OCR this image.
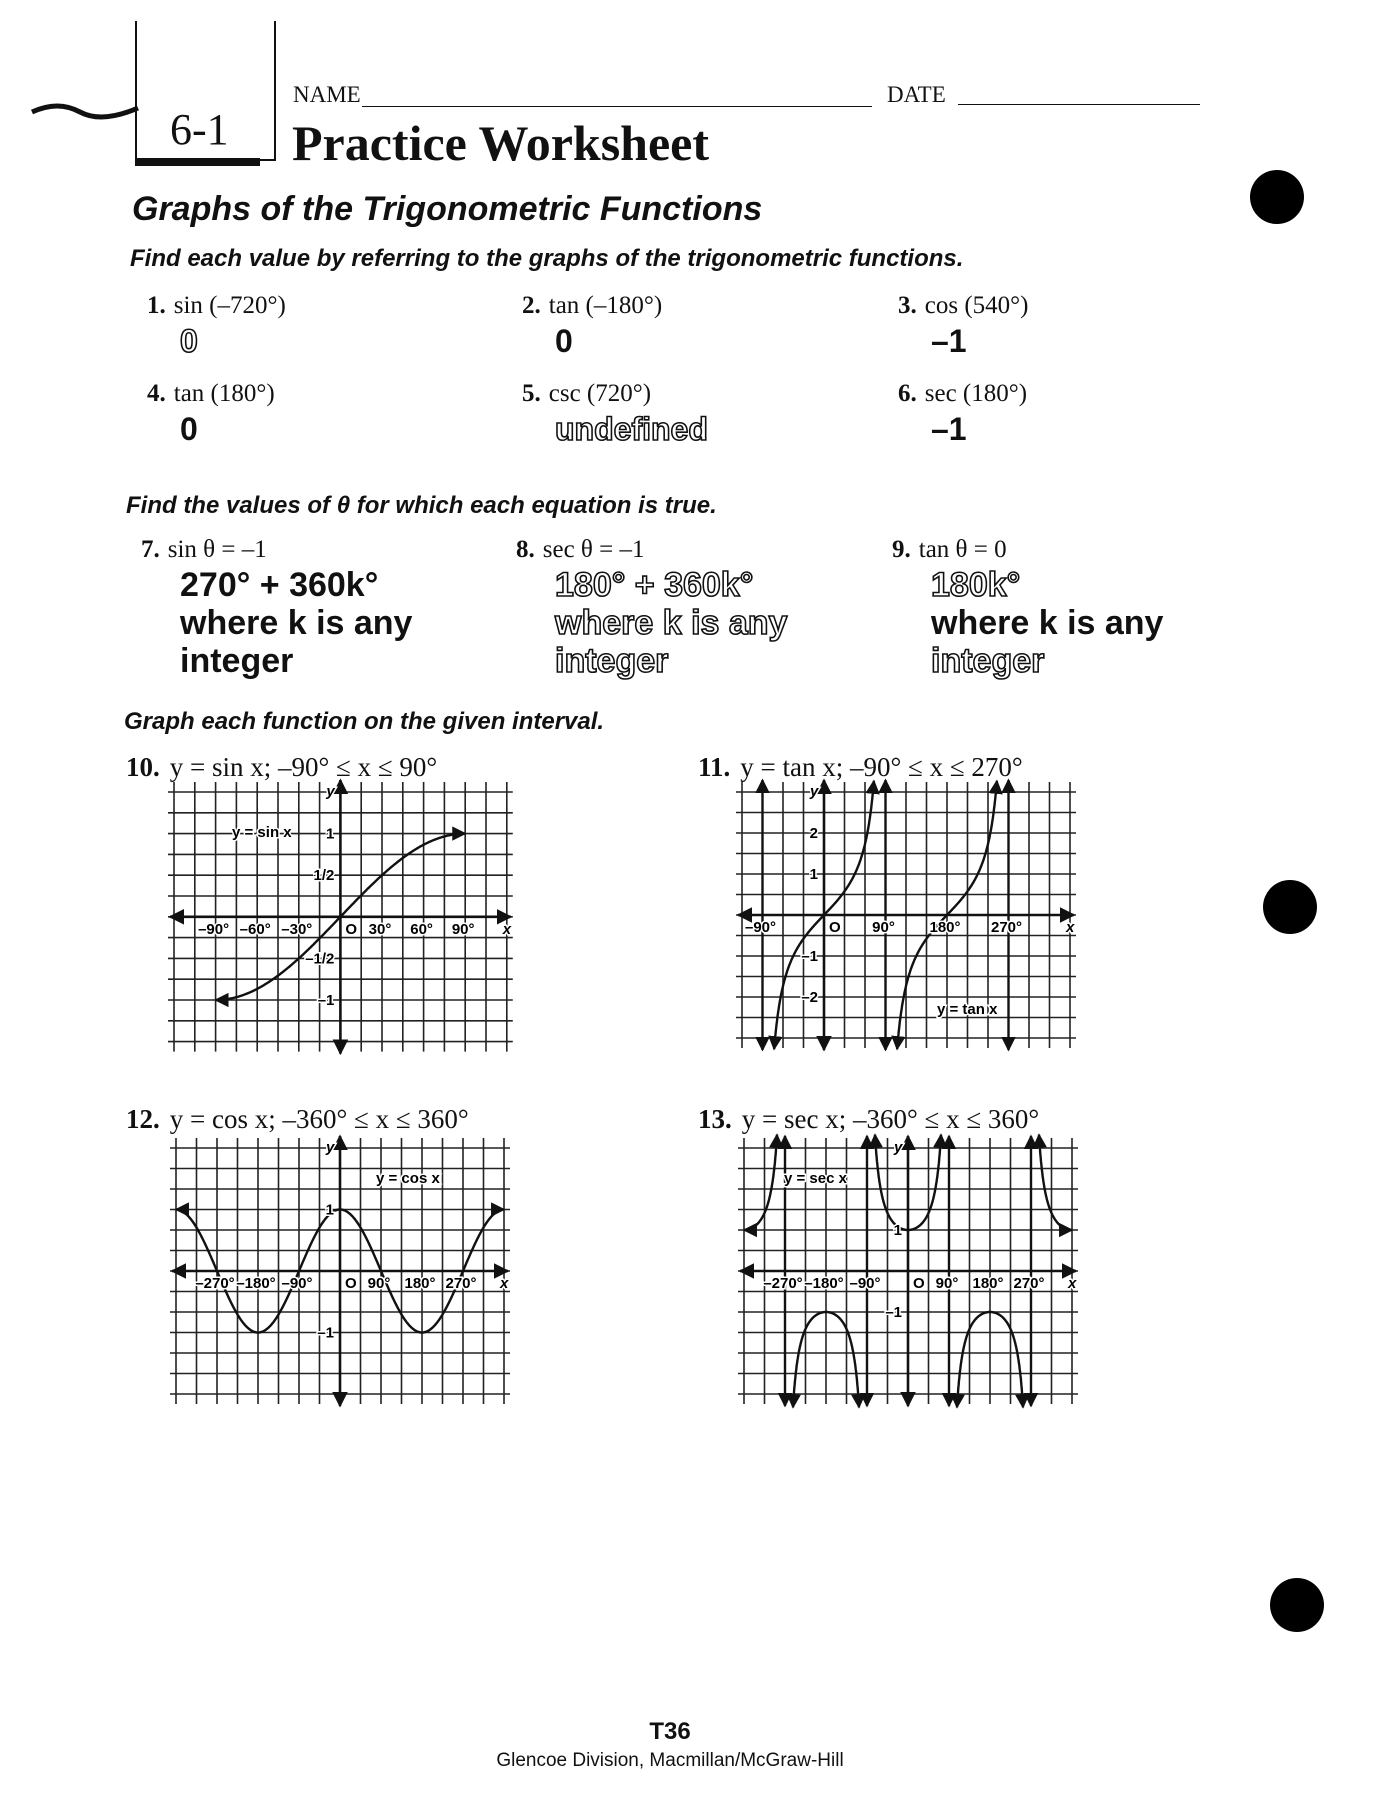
6-1
NAME	DATE
Practice Worksheet
Graphs of the Trigonometric Functions
Find each value by referring to the graphs of the trigonometric functions.
Find the values of θ for which each equation is true.
Graph each function on the given interval.
T36
Glencoe Division, Macmillan/McGraw-Hill
1. sin (–720°)
0
2. tan (–180°)
0
3. cos (540°)
–1
4. tan (180°)
0
5. csc (720°)
undefined
6. sec (180°)
–1
7. sin θ = –1
270° + 360k°
where k is any
integer
8. sec θ = –1
180° + 360k°
where k is any
integer
9. tan θ = 0
180k°
where k is any
integer
10. y = sin x; –90° ≤ x ≤ 90°	11. y = tan x; –90° ≤ x ≤ 270°
12. y = cos x; –360° ≤ x ≤ 360°	13. y = sec x; –360° ≤ x ≤ 360°
–90° –60° –30°	30° 60° 90°
1
1/2
–1/2
–1
O	x
y
y = sin x
–90°	90° 180° 270°
2
1
–1
–2
O	x
y
y = tan x
–270° –180° –90°	90° 180° 270°
1
–1
O	x
y
y = cos x
–270° –180° –90°	90° 180° 270°
1
–1
O	x
y
y = sec x
